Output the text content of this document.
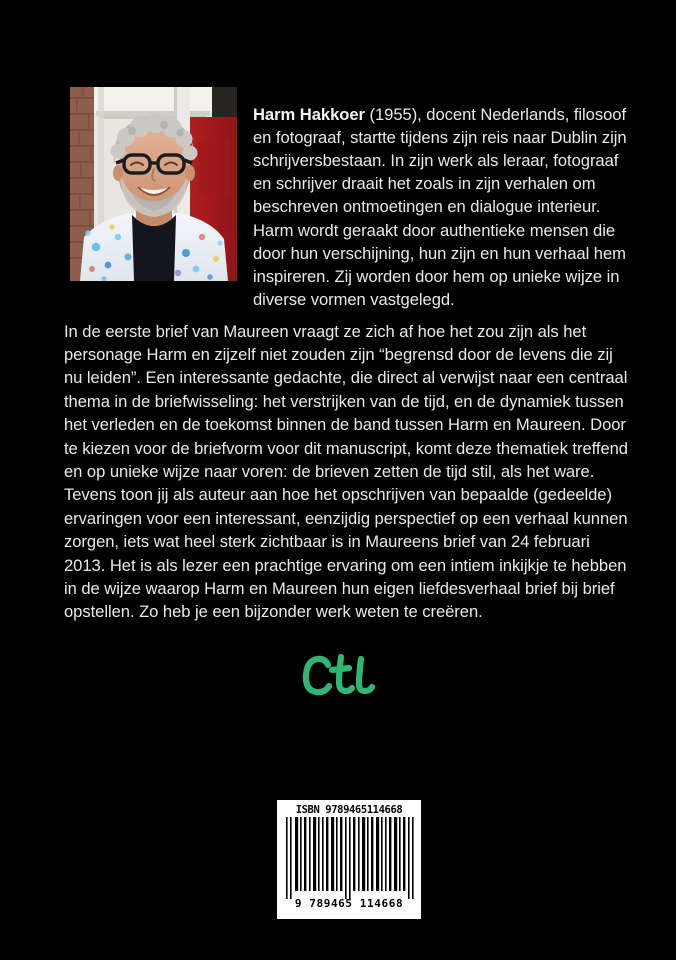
Harm Hakkoer (1955), docent Nederlands, filosoof en fotograaf, startte tijdens zijn reis naar Dublin zijn schrijversbestaan. In zijn werk als leraar, fotograaf en schrijver draait het zoals in zijn verhalen om beschreven ontmoetingen en dialogue interieur. Harm wordt geraakt door authentieke mensen die door hun verschijning, hun zijn en hun verhaal hem inspireren. Zij worden door hem op unieke wijze in diverse vormen vastgelegd.

In de eerste brief van Maureen vraagt ze zich af hoe het zou zijn als het personage Harm en zijzelf niet zouden zijn “begrensd door de levens die zij nu leiden”. Een interessante gedachte, die direct al verwijst naar een centraal thema in de briefwisseling: het verstrijken van de tijd, en de dynamiek tussen het verleden en de toekomst binnen de band tussen Harm en Maureen. Door te kiezen voor de briefvorm voor dit manuscript, komt deze thematiek treffend en op unieke wijze naar voren: de brieven zetten de tijd stil, als het ware. Tevens toon jij als auteur aan hoe het opschrijven van bepaalde (gedeelde) ervaringen voor een interessant, eenzijdig perspectief op een verhaal kunnen zorgen, iets wat heel sterk zichtbaar is in Maureens brief van 24 februari 2013. Het is als lezer een prachtige ervaring om een intiem inkijkje te hebben in de wijze waarop Harm en Maureen hun eigen liefdesverhaal brief bij brief opstellen. Zo heb je een bijzonder werk weten te creëren.

ISBN 9789465114668
9 789465 114668
